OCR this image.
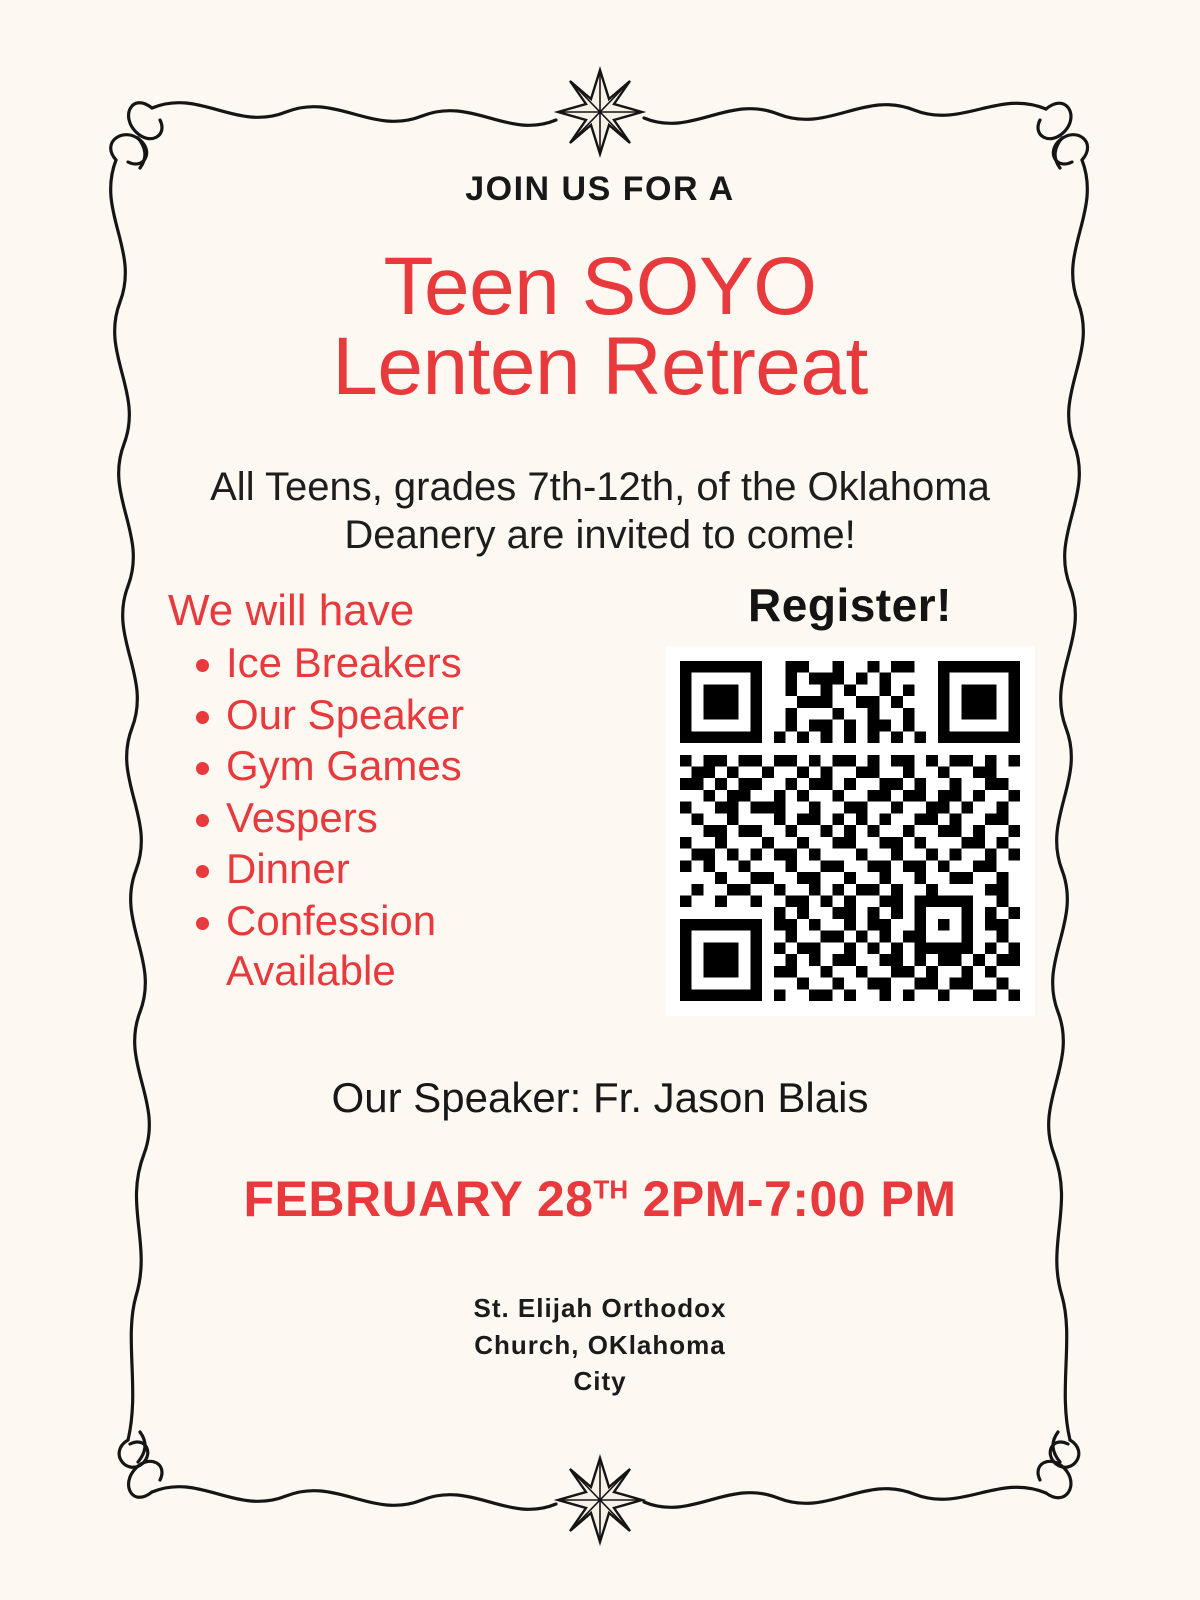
JOIN US FOR A
Teen SOYO
Lenten Retreat
All Teens, grades 7th-12th, of the Oklahoma Deanery are invited to come!
We will have
Ice Breakers
Our Speaker
Gym Games
Vespers
Dinner
Confession Available
Register!
Our Speaker: Fr. Jason Blais
FEBRUARY 28TH 2PM-7:00 PM
St. Elijah Orthodox
Church, OKlahoma
City
